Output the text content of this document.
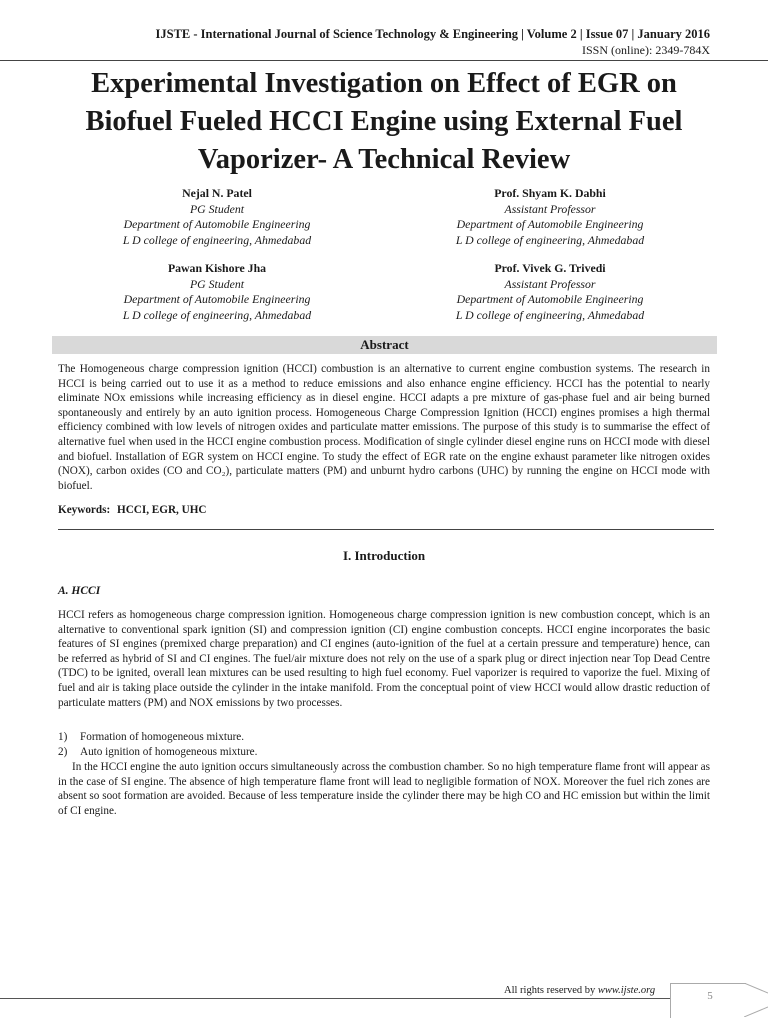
IJSTE - International Journal of Science Technology & Engineering | Volume 2 | Issue 07 | January 2016
ISSN (online): 2349-784X
Experimental Investigation on Effect of EGR on
Biofuel Fueled HCCI Engine using External Fuel
Vaporizer- A Technical Review
Nejal N. Patel
PG Student
Department of Automobile Engineering
L D college of engineering, Ahmedabad
Prof. Shyam K. Dabhi
Assistant Professor
Department of Automobile Engineering
L D college of engineering, Ahmedabad
Pawan Kishore Jha
PG Student
Department of Automobile Engineering
L D college of engineering, Ahmedabad
Prof. Vivek G. Trivedi
Assistant Professor
Department of Automobile Engineering
L D college of engineering, Ahmedabad
Abstract
The Homogeneous charge compression ignition (HCCI) combustion is an alternative to current engine combustion systems. The research in HCCI is being carried out to use it as a method to reduce emissions and also enhance engine efficiency. HCCI has the potential to nearly eliminate NOx emissions while increasing efficiency as in diesel engine. HCCI adapts a pre mixture of gas-phase fuel and air being burned spontaneously and entirely by an auto ignition process. Homogeneous Charge Compression Ignition (HCCI) engines promises a high thermal efficiency combined with low levels of nitrogen oxides and particulate matter emissions. The purpose of this study is to summarise the effect of alternative fuel when used in the HCCI engine combustion process. Modification of single cylinder diesel engine runs on HCCI mode with diesel and biofuel. Installation of EGR system on HCCI engine. To study the effect of EGR rate on the engine exhaust parameter like nitrogen oxides (NOX), carbon oxides (CO and CO₂), particulate matters (PM) and unburnt hydro carbons (UHC) by running the engine on HCCI mode with biofuel.
Keywords: HCCI, EGR, UHC
I. Introduction
A. HCCI
HCCI refers as homogeneous charge compression ignition. Homogeneous charge compression ignition is new combustion concept, which is an alternative to conventional spark ignition (SI) and compression ignition (CI) engine combustion concepts. HCCI engine incorporates the basic features of SI engines (premixed charge preparation) and CI engines (auto-ignition of the fuel at a certain pressure and temperature) hence, can be referred as hybrid of SI and CI engines. The fuel/air mixture does not rely on the use of a spark plug or direct injection near Top Dead Centre (TDC) to be ignited, overall lean mixtures can be used resulting to high fuel economy. Fuel vaporizer is required to vaporize the fuel. Mixing of fuel and air is taking place outside the cylinder in the intake manifold. From the conceptual point of view HCCI would allow drastic reduction of particulate matters (PM) and NOX emissions by two processes.
1) Formation of homogeneous mixture.
2) Auto ignition of homogeneous mixture.
In the HCCI engine the auto ignition occurs simultaneously across the combustion chamber. So no high temperature flame front will appear as in the case of SI engine. The absence of high temperature flame front will lead to negligible formation of NOX. Moreover the fuel rich zones are absent so soot formation are avoided. Because of less temperature inside the cylinder there may be high CO and HC emission but within the limit of CI engine.
All rights reserved by www.ijste.org	5
